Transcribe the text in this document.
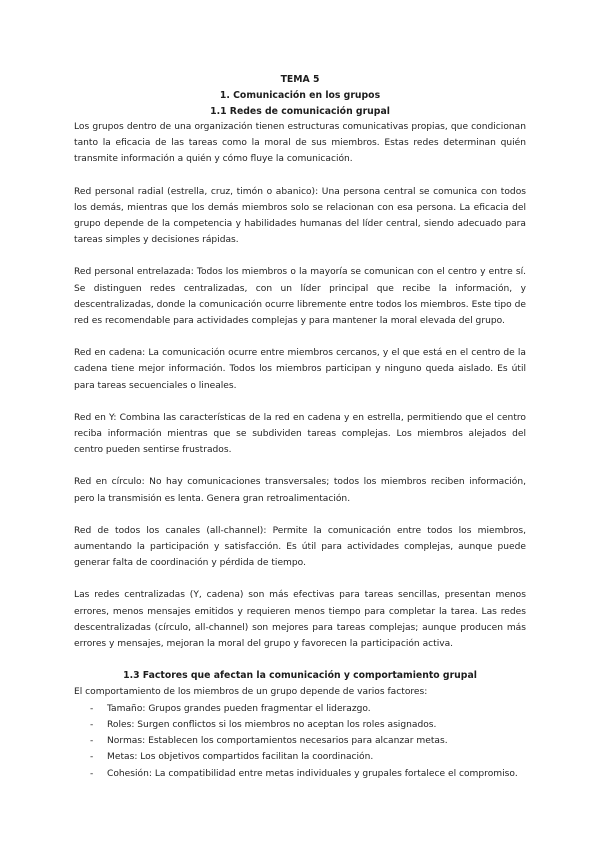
TEMA 5
1. Comunicación en los grupos
1.1 Redes de comunicación grupal

Los grupos dentro de una organización tienen estructuras comunicativas propias, que condicionan tanto la eficacia de las tareas como la moral de sus miembros. Estas redes determinan quién transmite información a quién y cómo fluye la comunicación.

Red personal radial (estrella, cruz, timón o abanico): Una persona central se comunica con todos los demás, mientras que los demás miembros solo se relacionan con esa persona. La eficacia del grupo depende de la competencia y habilidades humanas del líder central, siendo adecuado para tareas simples y decisiones rápidas.

Red personal entrelazada: Todos los miembros o la mayoría se comunican con el centro y entre sí. Se distinguen redes centralizadas, con un líder principal que recibe la información, y descentralizadas, donde la comunicación ocurre libremente entre todos los miembros. Este tipo de red es recomendable para actividades complejas y para mantener la moral elevada del grupo.

Red en cadena: La comunicación ocurre entre miembros cercanos, y el que está en el centro de la cadena tiene mejor información. Todos los miembros participan y ninguno queda aislado. Es útil para tareas secuenciales o lineales.

Red en Y: Combina las características de la red en cadena y en estrella, permitiendo que el centro reciba información mientras que se subdividen tareas complejas. Los miembros alejados del centro pueden sentirse frustrados.

Red en círculo: No hay comunicaciones transversales; todos los miembros reciben información, pero la transmisión es lenta. Genera gran retroalimentación.

Red de todos los canales (all-channel): Permite la comunicación entre todos los miembros, aumentando la participación y satisfacción. Es útil para actividades complejas, aunque puede generar falta de coordinación y pérdida de tiempo.

Las redes centralizadas (Y, cadena) son más efectivas para tareas sencillas, presentan menos errores, menos mensajes emitidos y requieren menos tiempo para completar la tarea. Las redes descentralizadas (círculo, all-channel) son mejores para tareas complejas; aunque producen más errores y mensajes, mejoran la moral del grupo y favorecen la participación activa.

1.3 Factores que afectan la comunicación y comportamiento grupal

El comportamiento de los miembros de un grupo depende de varios factores:

- Tamaño: Grupos grandes pueden fragmentar el liderazgo.
- Roles: Surgen conflictos si los miembros no aceptan los roles asignados.
- Normas: Establecen los comportamientos necesarios para alcanzar metas.
- Metas: Los objetivos compartidos facilitan la coordinación.
- Cohesión: La compatibilidad entre metas individuales y grupales fortalece el compromiso.
